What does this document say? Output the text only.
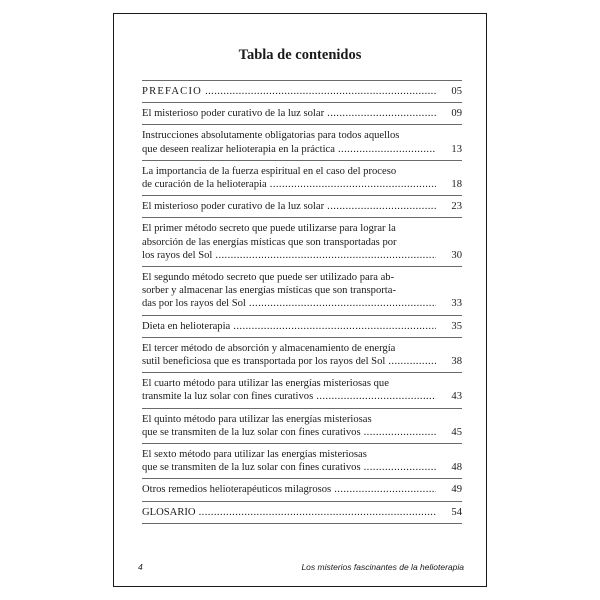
Tabla de contenidos
PREFACIO .....	05
El misterioso poder curativo de la luz solar .....	09
Instrucciones absolutamente obligatorias para todos aquellos
que deseen realizar helioterapia en la práctica .....	13
La importancia de la fuerza espiritual en el caso del proceso
de curación de la helioterapia .....	18
El misterioso poder curativo de la luz solar .....	23
El primer método secreto que puede utilizarse para lograr la
absorción de las energías místicas que son transportadas por
los rayos del Sol .....	30
El segundo método secreto que puede ser utilizado para ab-
sorber y almacenar las energías místicas que son transporta-
das por los rayos del Sol .....	33
Dieta en helioterapia .....	35
El tercer método de absorción y almacenamiento de energía
sutil beneficiosa que es transportada por los rayos del Sol .....	38
El cuarto método para utilizar las energías misteriosas que
transmite la luz solar con fines curativos .....	43
El quinto método para utilizar las energías misteriosas
que se transmiten de la luz solar con fines curativos .....	45
El sexto método para utilizar las energías misteriosas
que se transmiten de la luz solar con fines curativos .....	48
Otros remedios helioterapéuticos milagrosos .....	49
GLOSARIO .....	54
4	Los misterios fascinantes de la helioterapia
